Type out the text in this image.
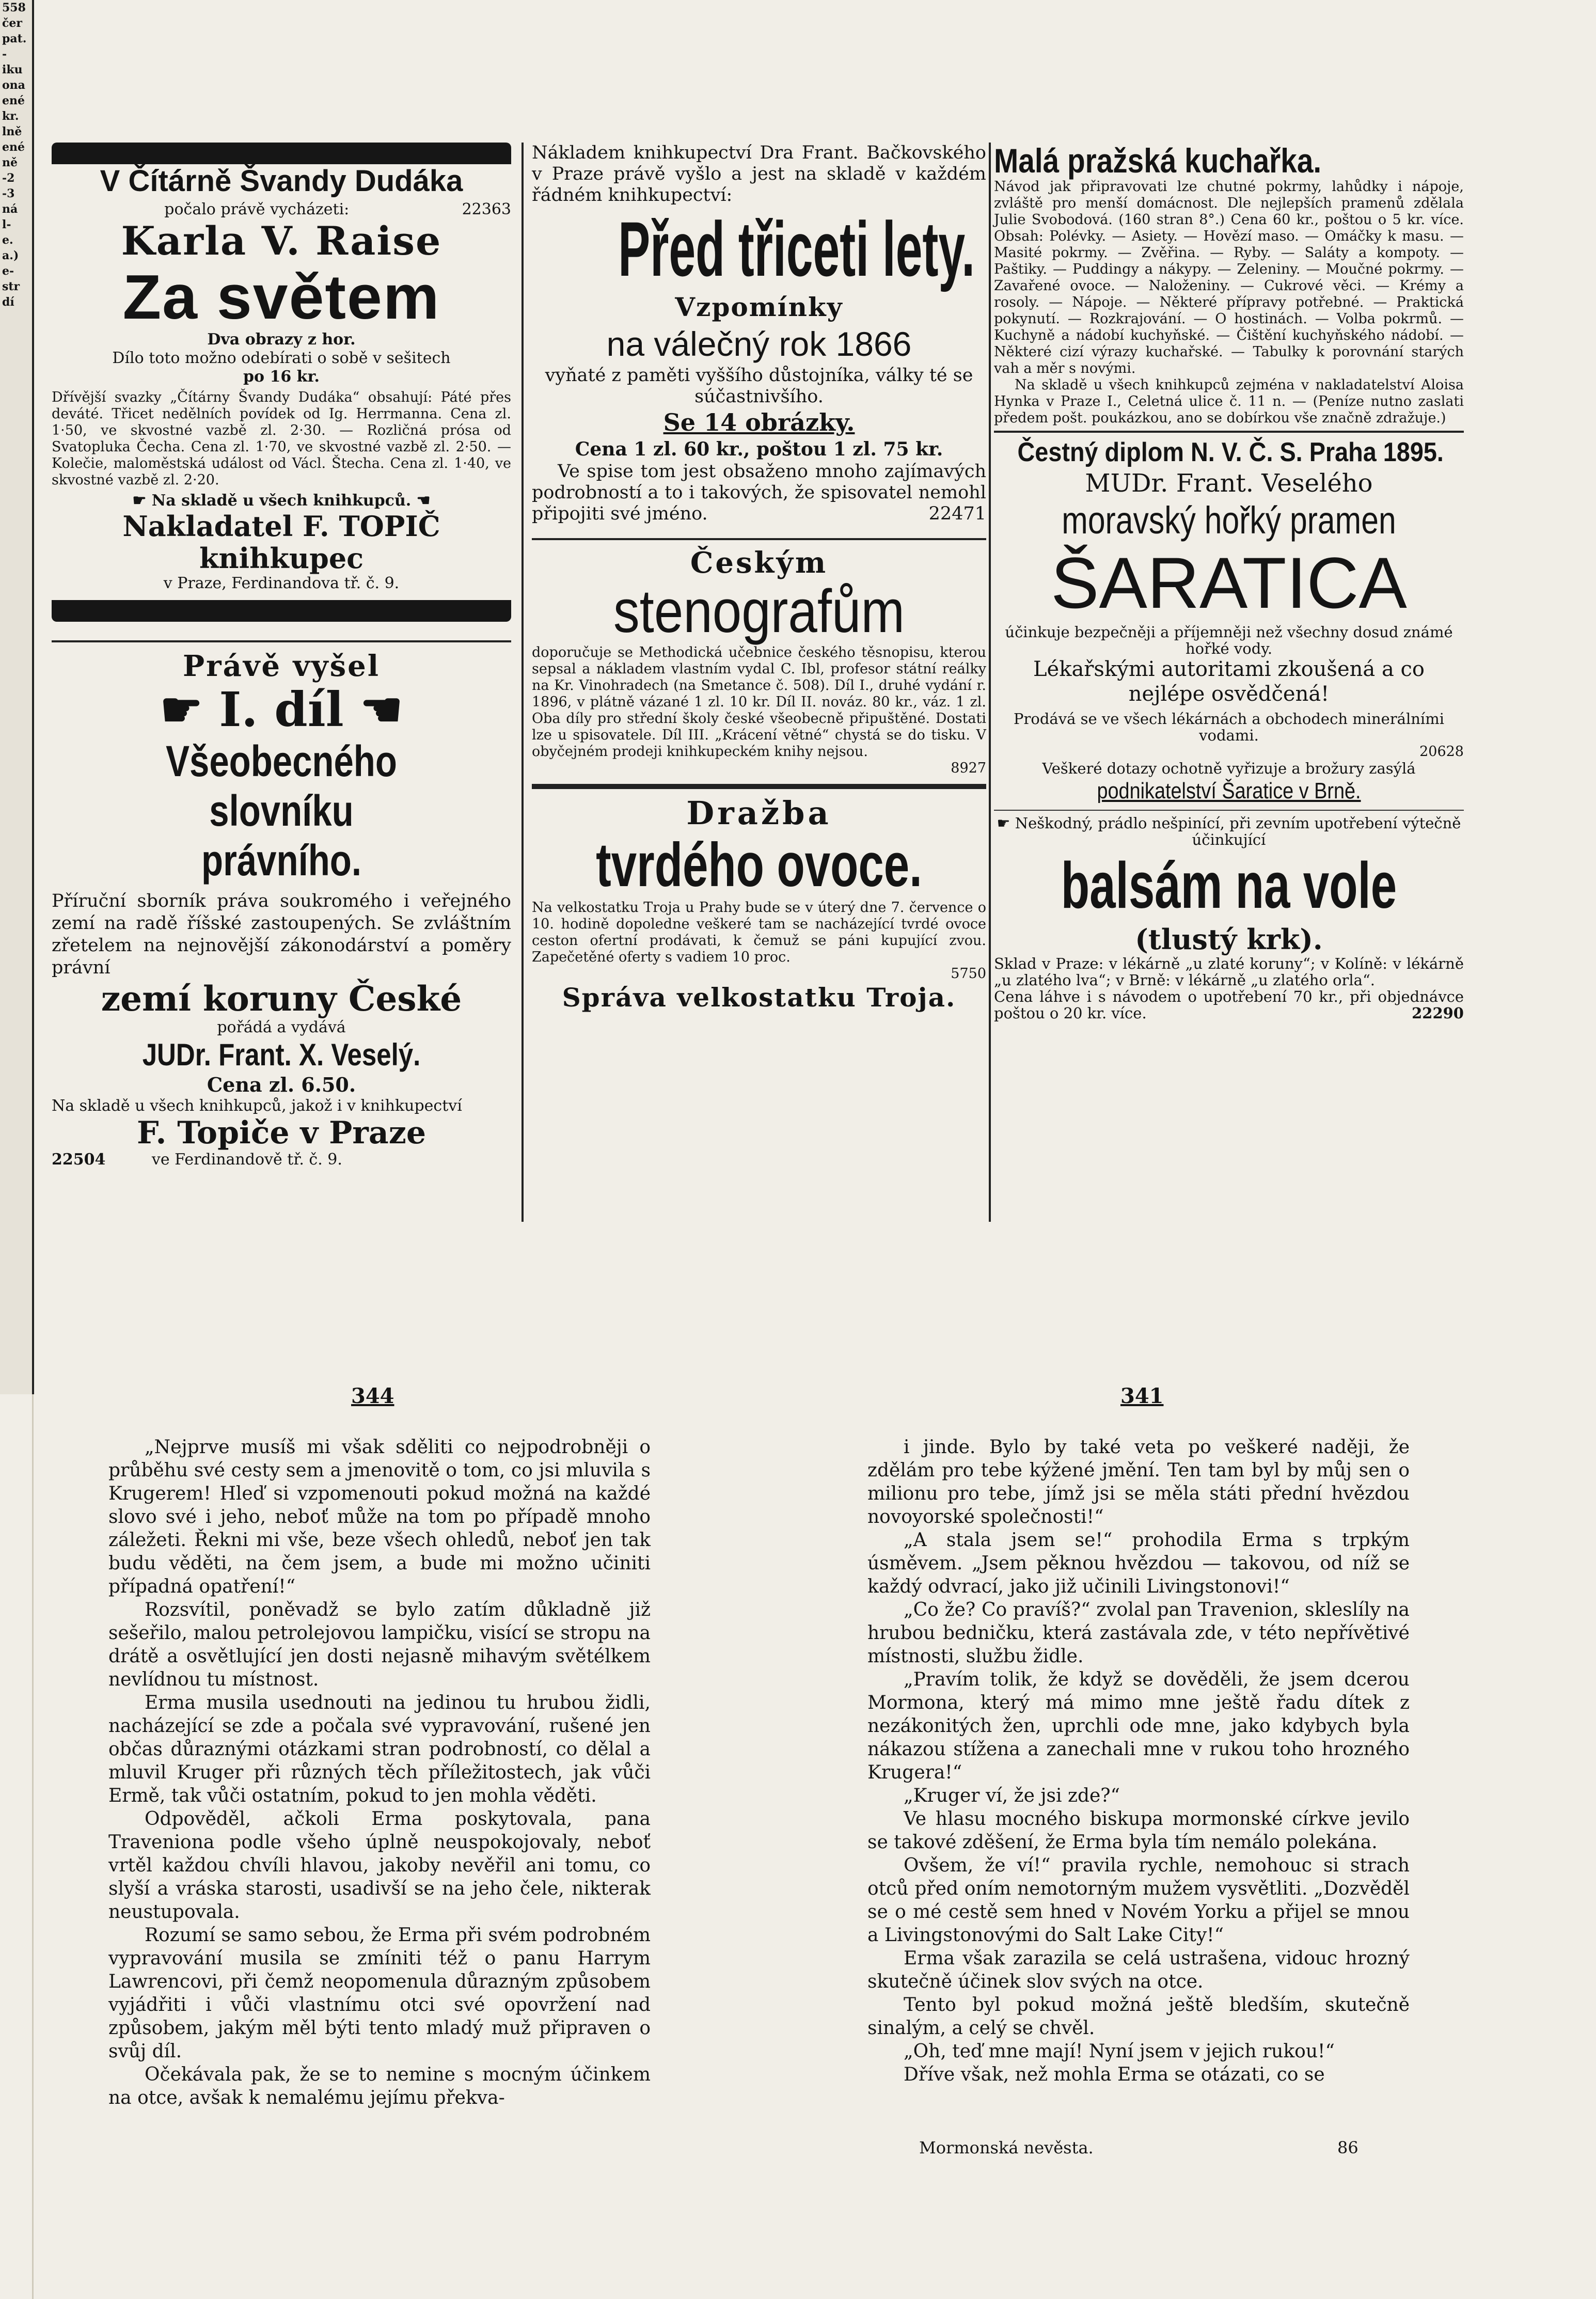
558
čer
pat.
-
iku
ona
ené
kr.
lně
ené
ně
-2
-3
ná
l-
e.
a.)
e-
str
dí
V Čítárně Švandy Dudáka
počalo právě vycházeti:	22363
Karla V. Raise
Za světem
Dva obrazy z hor.
Dílo toto možno odebírati o sobě v sešitech
po 16 kr.
Dřívější svazky „Čítárny Švandy Dudáka“ obsahují: Páté přes deváté. Třicet nedělních povídek od Ig. Herrmanna. Cena zl. 1·50, ve skvostné vazbě zl. 2·30. — Rozličná prósa od Svatopluka Čecha. Cena zl. 1·70, ve skvostné vazbě zl. 2·50. — Kolečie, maloměstská událost od Václ. Štecha. Cena zl. 1·40, ve skvostné vazbě zl. 2·20.
☛ Na skladě u všech knihkupců. ☚
Nakladatel F. TOPIČ knihkupec
v Praze, Ferdinandova tř. č. 9.
Právě vyšel
☛ I. díl ☚
Všeobecného slovníku
právního.
Příruční sborník práva soukromého i veřejného zemí na radě říšské zastoupených. Se zvláštním zřetelem na nejnovější zákonodárství a poměry právní
zemí koruny České
pořádá a vydává
JUDr. Frant. X. Veselý.
Cena zl. 6.50.
Na skladě u všech knihkupců, jakož i v knihkupectví
F. Topiče v Praze
22504	ve Ferdinandově tř. č. 9.
Nákladem knihkupectví Dra Frant. Bačkovského v Praze právě vyšlo a jest na skladě v každém řádném knihkupectví:
Před třiceti lety.
Vzpomínky
na válečný rok 1866
vyňaté z paměti vyššího důstojníka, války té se súčastnivšího.
Se 14 obrázky.
Cena 1 zl. 60 kr., poštou 1 zl. 75 kr.
Ve spise tom jest obsaženo mnoho zajímavých podrobností a to i takových, že spisovatel nemohl připojiti své jméno.	22471
Českým
stenografům
doporučuje se Methodická učebnice českého těsnopisu, kterou sepsal a nákladem vlastním vydal C. Ibl, profesor státní reálky na Kr. Vinohradech (na Smetance č. 508). Díl I., druhé vydání r. 1896, v plátně vázané 1 zl. 10 kr. Díl II. nováz. 80 kr., váz. 1 zl. Oba díly pro střední školy české všeobecně připuštěné. Dostati lze u spisovatele. Díl III. „Krácení větné“ chystá se do tisku. V obyčejném prodeji knihkupeckém knihy nejsou.
8927
Dražba
tvrdého ovoce.
Na velkostatku Troja u Prahy bude se v úterý dne 7. července o 10. hodině dopoledne veškeré tam se nacházející tvrdé ovoce ceston ofertní prodávati, k čemuž se páni kupující zvou. Zapečetěné oferty s vadiem 10 proc.
5750
Správa velkostatku Troja.
Malá pražská kuchařka.
Návod jak připravovati lze chutné pokrmy, lahůdky i nápoje, zvláště pro menší domácnost. Dle nejlepších pramenů zdělala Julie Svobodová. (160 stran 8°.) Cena 60 kr., poštou o 5 kr. více. Obsah: Polévky. — Asiety. — Hovězí maso. — Omáčky k masu. — Masité pokrmy. — Zvěřina. — Ryby. — Saláty a kompoty. — Paštiky. — Puddingy a nákypy. — Zeleniny. — Moučné pokrmy. — Zavařené ovoce. — Naloženiny. — Cukrové věci. — Krémy a rosoly. — Nápoje. — Některé přípravy potřebné. — Praktická pokynutí. — Rozkrajování. — O hostinách. — Volba pokrmů. — Kuchyně a nádobí kuchyňské. — Čištění kuchyňského nádobí. — Některé cizí výrazy kuchařské. — Tabulky k porovnání starých vah a měr s novými.
Na skladě u všech knihkupců zejména v nakladatelství Aloisa Hynka v Praze I., Celetná ulice č. 11 n. — (Peníze nutno zaslati předem pošt. poukázkou, ano se dobírkou vše značně zdražuje.)
Čestný diplom N. V. Č. S. Praha 1895.
MUDr. Frant. Veselého
moravský hořký pramen
ŠARATICA
účinkuje bezpečněji a příjemněji než všechny dosud známé hořké vody.
Lékařskými autoritami zkoušená a co nejlépe osvědčená!
Prodává se ve všech lékárnách a obchodech minerálními vodami.
20628
Veškeré dotazy ochotně vyřizuje a brožury zasýlá
podnikatelství Šaratice v Brně.
☛ Neškodný, prádlo nešpinící, při zevním upotřebení výtečně účinkující
balsám na vole
(tlustý krk).
Sklad v Praze: v lékárně „u zlaté koruny“; v Kolíně: v lékárně „u zlatého lva“; v Brně: v lékárně „u zlatého orla“.
Cena láhve i s návodem o upotřebení 70 kr., při objednávce poštou o 20 kr. více.	22290
344	341

„Nejprve musíš mi však sděliti co nejpodrobněji o průběhu své cesty sem a jmenovitě o tom, co jsi mluvila s Krugerem! Hleď si vzpomenouti pokud možná na každé slovo své i jeho, neboť může na tom po případě mnoho záležeti. Řekni mi vše, beze všech ohledů, neboť jen tak budu věděti, na čem jsem, a bude mi možno učiniti případná opatření!“

Rozsvítil, poněvadž se bylo zatím důkladně již sešeřilo, malou petrolejovou lampičku, visící se stropu na drátě a osvětlující jen dosti nejasně mihavým světélkem nevlídnou tu místnost.

Erma musila usednouti na jedinou tu hrubou židli, nacházející se zde a počala své vypravování, rušené jen občas důraznými otázkami stran podrobností, co dělal a mluvil Kruger při různých těch příležitostech, jak vůči Ermě, tak vůči ostatním, pokud to jen mohla věděti.

Odpověděl, ačkoli Erma poskytovala, pana Travenionа podle všeho úplně neuspokojovaly, neboť vrtěl každou chvíli hlavou, jakoby nevěřil ani tomu, co slyší a vráska starosti, usadivší se na jeho čele, nikterak neustupovala.

Rozumí se samo sebou, že Erma při svém podrobném vypravování musila se zmíniti též o panu Harrym Lawrencovi, při čemž neopomenula důrazným způsobem vyjádřiti i vůči vlastnímu otci své opovržení nad způsobem, jakým měl býti tento mladý muž připraven o svůj díl.

Očekávala pak, že se to nemine s mocným účinkem na otce, avšak k nemalému jejímu překva-

i jinde. Bylo by také veta po veškeré naději, že zdělám pro tebe kýžené jmění. Ten tam byl by můj sen o milionu pro tebe, jímž jsi se měla státi přední hvězdou novoyorské společnosti!“

„A stala jsem se!“ prohodila Erma s trpkým úsměvem. „Jsem pěknou hvězdou — takovou, od níž se každý odvrací, jako již učinili Livingstonovi!“

„Co že? Co pravíš?“ zvolal pan Travenion, skleslíly na hrubou bedničku, která zastávala zde, v této nepřívětivé místnosti, službu židle.

„Pravím tolik, že když se dověděli, že jsem dcerou Mormona, který má mimo mne ještě řadu dítek z nezákonitých žen, uprchli ode mne, jako kdybych byla nákazou stížena a zanechali mne v rukou toho hrozného Krugera!“

„Kruger ví, že jsi zde?“

Ve hlasu mocného biskupa mormonské církve jevilo se takové zděšení, že Erma byla tím nemálo polekána.

Ovšem, že ví!“ pravila rychle, nemohouc si strach otců před oním nemotorným mužem vysvětliti. „Dozvěděl se o mé cestě sem hned v Novém Yorku a přijel se mnou a Livingstonovými do Salt Lake City!“

Erma však zarazila se celá ustrašena, vidouc hrozný skutečně účinek slov svých na otce.

Tento byl pokud možná ještě bledším, skutečně sinalým, a celý se chvěl.

„Oh, teď mne mají! Nyní jsem v jejich rukou!“

Dříve však, než mohla Erma se otázati, co se

Mormonská nevěsta.	86
